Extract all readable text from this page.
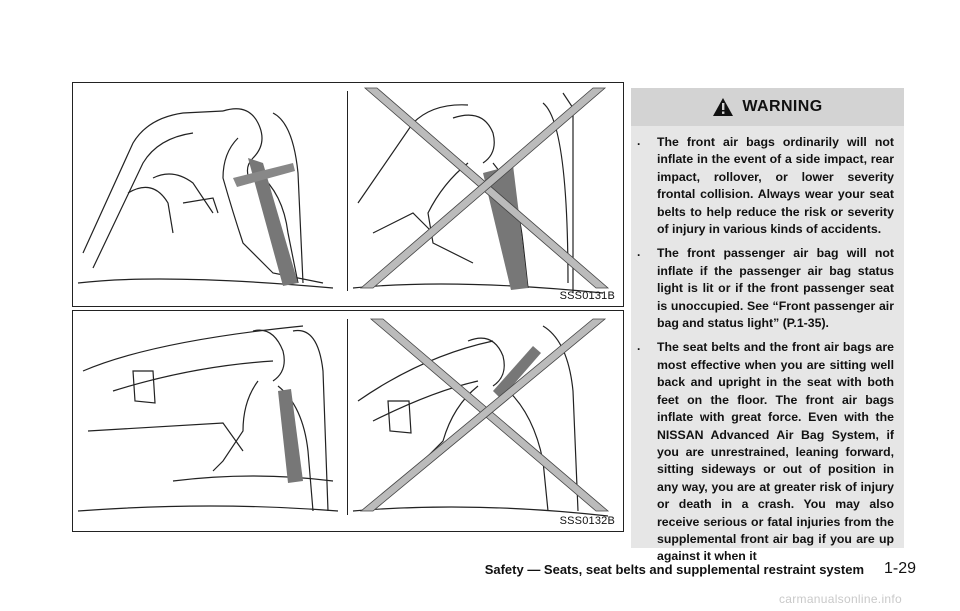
SSS0131B
SSS0132B
WARNING
.	The front air bags ordinarily will not inflate in the event of a side impact, rear impact, rollover, or lower severity frontal collision. Always wear your seat belts to help reduce the risk or severity of injury in various kinds of accidents.
.	The front passenger air bag will not inflate if the passenger air bag status light is lit or if the front passenger seat is unoccupied. See “Front passenger air bag and status light” (P.1-35).
.	The seat belts and the front air bags are most effective when you are sitting well back and upright in the seat with both feet on the floor. The front air bags inflate with great force. Even with the NISSAN Advanced Air Bag System, if you are unrestrained, leaning forward, sitting sideways or out of position in any way, you are at greater risk of injury or death in a crash. You may also receive serious or fatal injuries from the supplemental front air bag if you are up against it when it
Safety — Seats, seat belts and supplemental restraint system 1-29
carmanualsonline.info
